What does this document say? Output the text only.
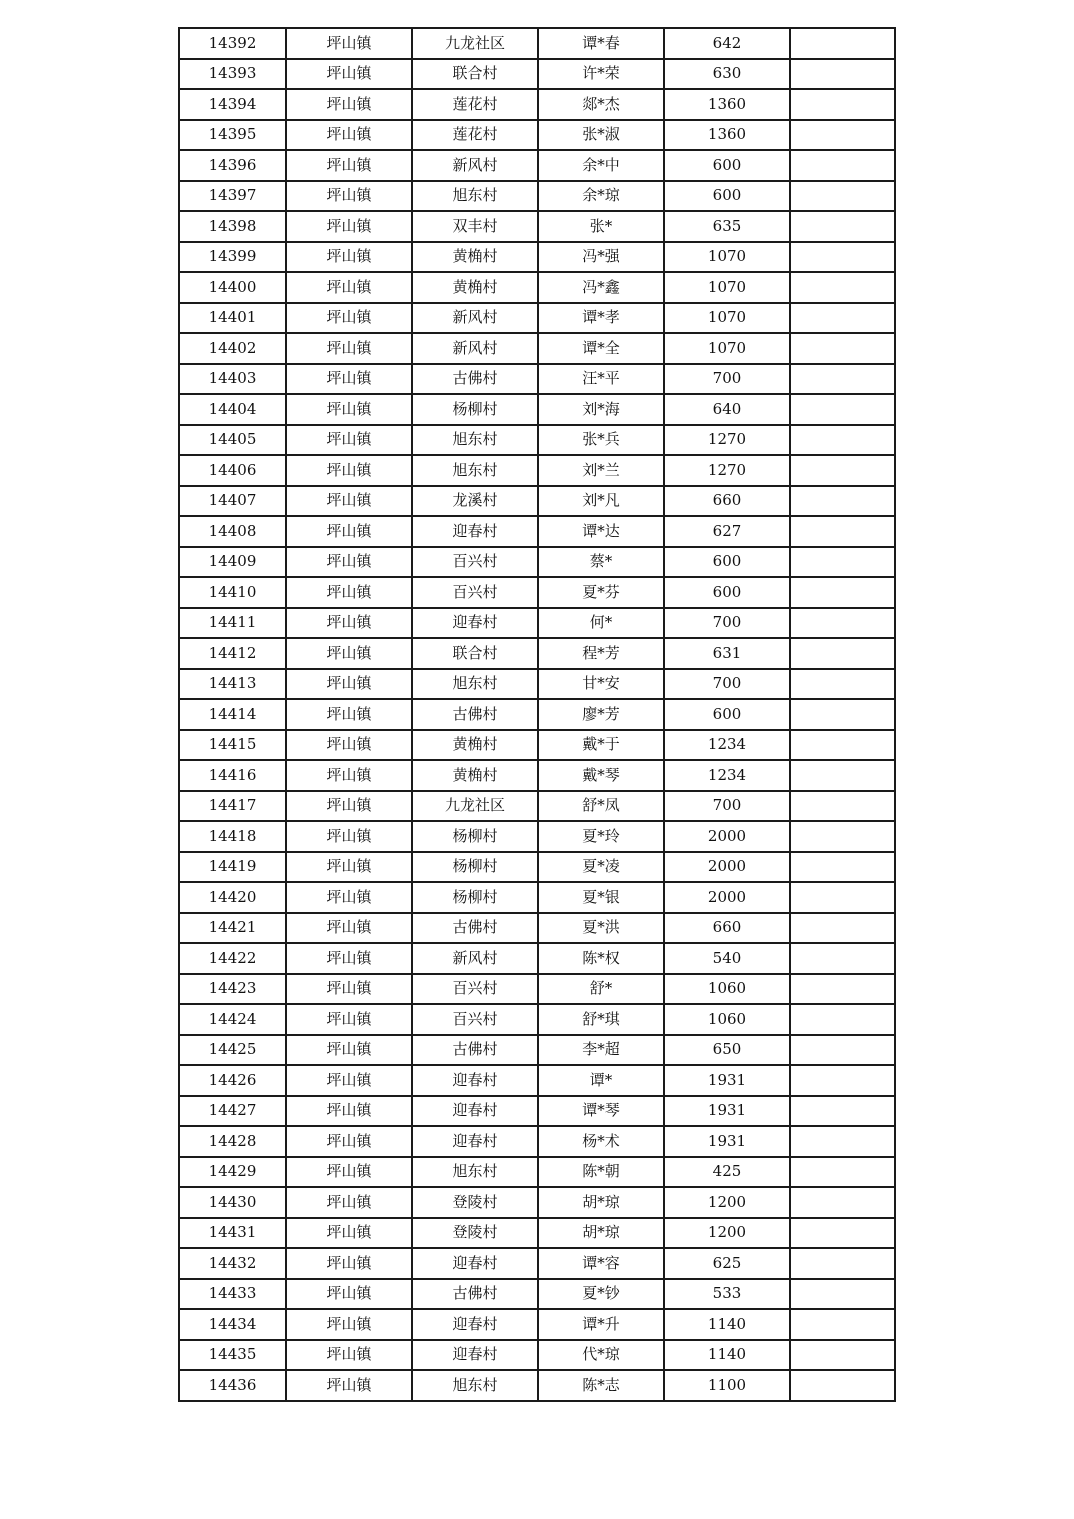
14392	坪山镇	九龙社区	谭*春	642	
14393	坪山镇	联合村	许*荣	630	
14394	坪山镇	莲花村	郯*杰	1360	
14395	坪山镇	莲花村	张*淑	1360	
14396	坪山镇	新风村	余*中	600	
14397	坪山镇	旭东村	余*琼	600	
14398	坪山镇	双丰村	张*	635	
14399	坪山镇	黄桷村	冯*强	1070	
14400	坪山镇	黄桷村	冯*鑫	1070	
14401	坪山镇	新风村	谭*孝	1070	
14402	坪山镇	新风村	谭*全	1070	
14403	坪山镇	古佛村	汪*平	700	
14404	坪山镇	杨柳村	刘*海	640	
14405	坪山镇	旭东村	张*兵	1270	
14406	坪山镇	旭东村	刘*兰	1270	
14407	坪山镇	龙溪村	刘*凡	660	
14408	坪山镇	迎春村	谭*达	627	
14409	坪山镇	百兴村	蔡*	600	
14410	坪山镇	百兴村	夏*芬	600	
14411	坪山镇	迎春村	何*	700	
14412	坪山镇	联合村	程*芳	631	
14413	坪山镇	旭东村	甘*安	700	
14414	坪山镇	古佛村	廖*芳	600	
14415	坪山镇	黄桷村	戴*于	1234	
14416	坪山镇	黄桷村	戴*琴	1234	
14417	坪山镇	九龙社区	舒*凤	700	
14418	坪山镇	杨柳村	夏*玲	2000	
14419	坪山镇	杨柳村	夏*凌	2000	
14420	坪山镇	杨柳村	夏*银	2000	
14421	坪山镇	古佛村	夏*洪	660	
14422	坪山镇	新风村	陈*权	540	
14423	坪山镇	百兴村	舒*	1060	
14424	坪山镇	百兴村	舒*琪	1060	
14425	坪山镇	古佛村	李*超	650	
14426	坪山镇	迎春村	谭*	1931	
14427	坪山镇	迎春村	谭*琴	1931	
14428	坪山镇	迎春村	杨*术	1931	
14429	坪山镇	旭东村	陈*朝	425	
14430	坪山镇	登陵村	胡*琼	1200	
14431	坪山镇	登陵村	胡*琼	1200	
14432	坪山镇	迎春村	谭*容	625	
14433	坪山镇	古佛村	夏*钞	533	
14434	坪山镇	迎春村	谭*升	1140	
14435	坪山镇	迎春村	代*琼	1140	
14436	坪山镇	旭东村	陈*志	1100	
